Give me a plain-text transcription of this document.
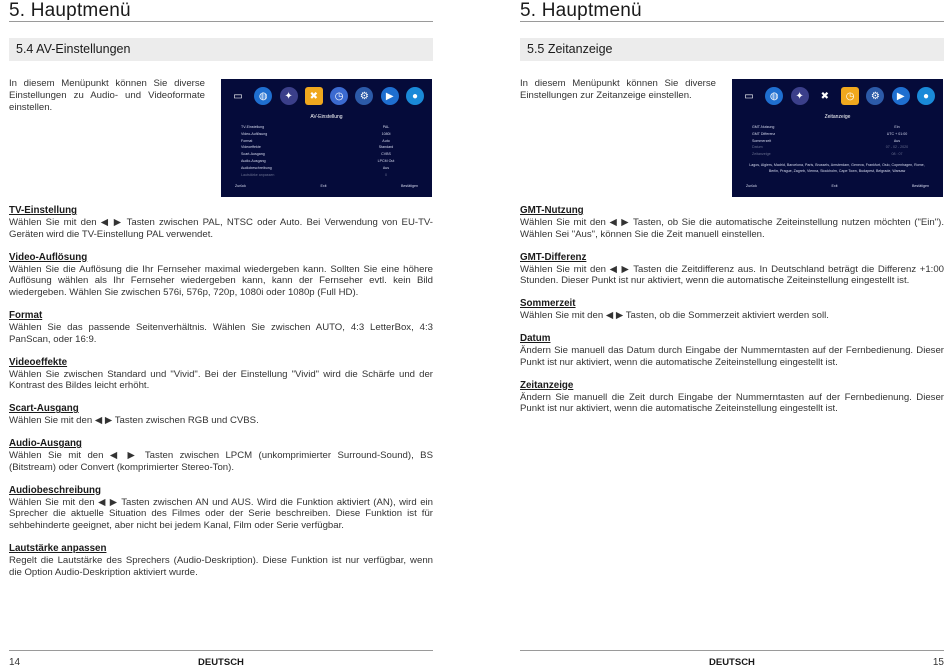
5. Hauptmenü
5.4 AV-Einstellungen
In diesem Menüpunkt können Sie diverse Einstellungen zu Audio- und Videoformate einstellen.
▭	◍	✦	✖	◷	⚙	▶	●
AV-Einstellung
TV-Einstellung	PAL
Video-Auflösung	1080i
Format	Auto
Videoeffekte	Standard
Scart-Ausgang	CVBS
Audio-Ausgang	LPCM Out
Audiobeschreibung	Aus
Lautstärke anpassen	0
Zurück	Exit	Bestätigen
TV-Einstellung

Wählen Sie mit den ◀ ▶ Tasten zwischen PAL, NTSC oder Auto. Bei Verwendung von EU-TV-Geräten wird die TV-Einstellung PAL verwendet.

Video-Auflösung

Wählen Sie die Auflösung die Ihr Fernseher maximal wiedergeben kann. Sollten Sie eine höhere Auflösung wählen als Ihr Fernseher wiedergeben kann, kann der Fernseher evtl. kein Bild wiedergeben. Wählen Sie zwischen 576i, 576p, 720p, 1080i oder 1080p (Full HD).

Format

Wählen Sie das passende Seitenverhältnis. Wählen Sie zwischen AUTO, 4:3 LetterBox, 4:3 PanScan, oder 16:9.

Videoeffekte

Wählen Sie zwischen Standard und "Vivid". Bei der Einstellung "Vivid" wird die Schärfe und der Kontrast des Bildes leicht erhöht.

Scart-Ausgang

Wählen Sie mit den ◀ ▶ Tasten zwischen RGB und CVBS.

Audio-Ausgang

Wählen Sie mit den ◀ ▶ Tasten zwischen LPCM (unkomprimierter Surround-Sound), BS (Bitstream) oder Convert (komprimierter Stereo-Ton).

Audiobeschreibung

Wählen Sie mit den ◀ ▶ Tasten zwischen AN und AUS. Wird die Funktion aktiviert (AN), wird ein Sprecher die aktuelle Situation des Filmes oder der Serie beschreiben. Diese Funktion ist für sehbehinderte geeignet, aber nicht bei jedem Kanal, Film oder Serie verfügbar.

Lautstärke anpassen

Regelt die Lautstärke des Sprechers (Audio-Deskription). Diese Funktion ist nur verfügbar, wenn die Option Audio-Deskription aktiviert wurde.

14	DEUTSCH
5. Hauptmenü
5.5 Zeitanzeige
In diesem Menüpunkt können Sie diverse Einstellungen zur Zeitanzeige einstellen.	▭	◍	✦	✖	◷	⚙	▶	●
Zeitanzeige
GMT-Nutzung	Ein
GMT Differenz	UTC + 01:00
Sommerzeit	Aus
Datum	07 - 02 - 2020
Zeitanzeige	08 : 07
Lagos, Algiers, Madrid, Barcelona, Paris, Brussels, Amsterdam, Geneva, Frankfurt, Oslo, Copenhagen, Rome, Berlin, Prague, Zagreb, Vienna, Stockholm, Cape Town, Budapest, Belgrade, Warsaw
Zurück	Exit	Bestätigen
GMT-Nutzung

Wählen Sie mit den ◀ ▶ Tasten, ob Sie die automatische Zeiteinstellung nutzen möchten ("Ein"). Wählen Sei "Aus", können Sie die Zeit manuell einstellen.

GMT-Differenz

Wählen Sie mit den ◀ ▶ Tasten die Zeitdifferenz aus. In Deutschland beträgt die Differenz +1:00 Stunden. Dieser Punkt ist nur aktiviert, wenn die automatische Zeiteinstellung eingestellt ist.

Sommerzeit

Wählen Sie mit den ◀ ▶ Tasten, ob die Sommerzeit aktiviert werden soll.

Datum

Ändern Sie manuell das Datum durch Eingabe der Nummerntasten auf der Fernbedienung. Dieser Punkt ist nur aktiviert, wenn die automatische Zeiteinstellung eingestellt ist.

Zeitanzeige

Ändern Sie manuell die Zeit durch Eingabe der Nummerntasten auf der Fernbedienung. Dieser Punkt ist nur aktiviert, wenn die automatische Zeiteinstellung eingestellt ist.

DEUTSCH	15
